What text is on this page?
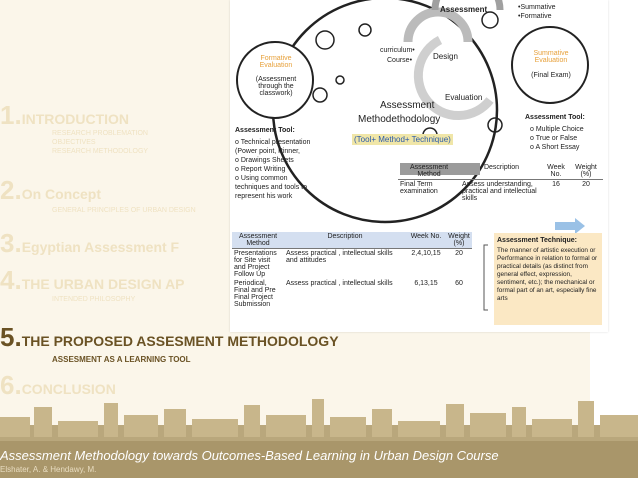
1.INTRODUCTION
RESEARCH PROBLEMATION
OBJECTIVES
RESEARCH METHODOLOGY
2.On Concept
GENERAL PRINCIPLES OF URBAN DESIGN
3.Egyptian Assessment F
4.THE URBAN DESIGN AP
INTENDED PHILOSOPHY
5.THE PROPOSED ASSESMENT METHODOLOGY
ASSESMENT AS A LEARNING TOOL
6.CONCLUSION
Assessment Methodology towards Outcomes-Based Learning in Urban Design Course
Elshater, A. & Hendawy, M.
Assessment	•Summative
•Formative
curriculum•
Course•	Design
Evaluation
Formative Evaluation
(Assessment through the classwork)
Summative Evaluation
(Final Exam)
Assessment
Methodethodology
(Tool+ Method+ Technique)
Assessment Tool:
o Technical presentation (Power point, Pinner,
o Drawings Sheets
o Report Writing
o Using common techniques and tools to represent his work
Assessment Tool:
o Multiple Choice
o True or False
o A Short Essay
Assessment Method	Description	Week No.	Weight (%)
Final Term examination	Assess understanding, practical and intellectual skills	16	20
Assessment Method	Description	Week No.	Weight (%)
Presentations for Site visit and Project Follow Up	Assess practical , intellectual skills and attitudes	2,4,10,15	20
Periodical, Final and Pre Final Project Submission	Assess practical , intellectual skills	6,13,15	60
Assessment Technique:
The manner of artistic execution or Performance in relation to formal or practical details (as distinct from general effect, expression, sentiment, etc.); the mechanical or formal part of an art, especially fine arts
